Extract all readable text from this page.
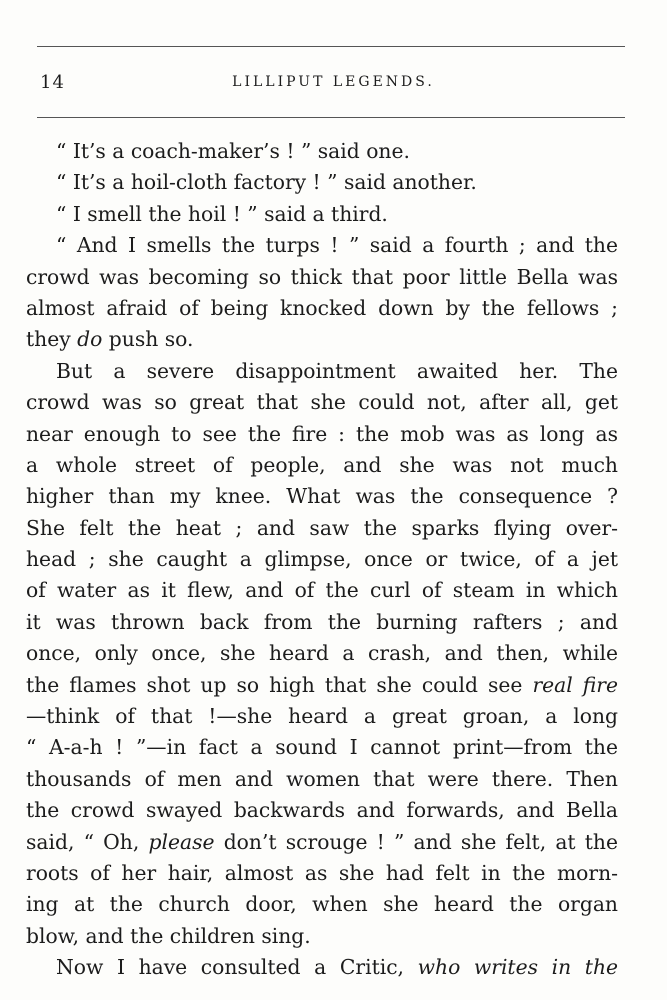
14	LILLIPUT LEGENDS.
“ It’s a coach-maker’s ! ” said one.
“ It’s a hoil-cloth factory ! ” said another.
“ I smell the hoil ! ” said a third.
“ And I smells the turps ! ” said a fourth ; and the
crowd was becoming so thick that poor little Bella was
almost afraid of being knocked down by the fellows ;
they do push so.
But a severe disappointment awaited her. The
crowd was so great that she could not, after all, get
near enough to see the fire : the mob was as long as
a whole street of people, and she was not much
higher than my knee. What was the consequence ?
She felt the heat ; and saw the sparks flying over-
head ; she caught a glimpse, once or twice, of a jet
of water as it flew, and of the curl of steam in which
it was thrown back from the burning rafters ; and
once, only once, she heard a crash, and then, while
the flames shot up so high that she could see real fire
—think of that !—she heard a great groan, a long
“ A-a-h ! ”—in fact a sound I cannot print—from the
thousands of men and women that were there. Then
the crowd swayed backwards and forwards, and Bella
said, “ Oh, please don’t scrouge ! ” and she felt, at the
roots of her hair, almost as she had felt in the morn-
ing at the church door, when she heard the organ
blow, and the children sing.
Now I have consulted a Critic, who writes in the
